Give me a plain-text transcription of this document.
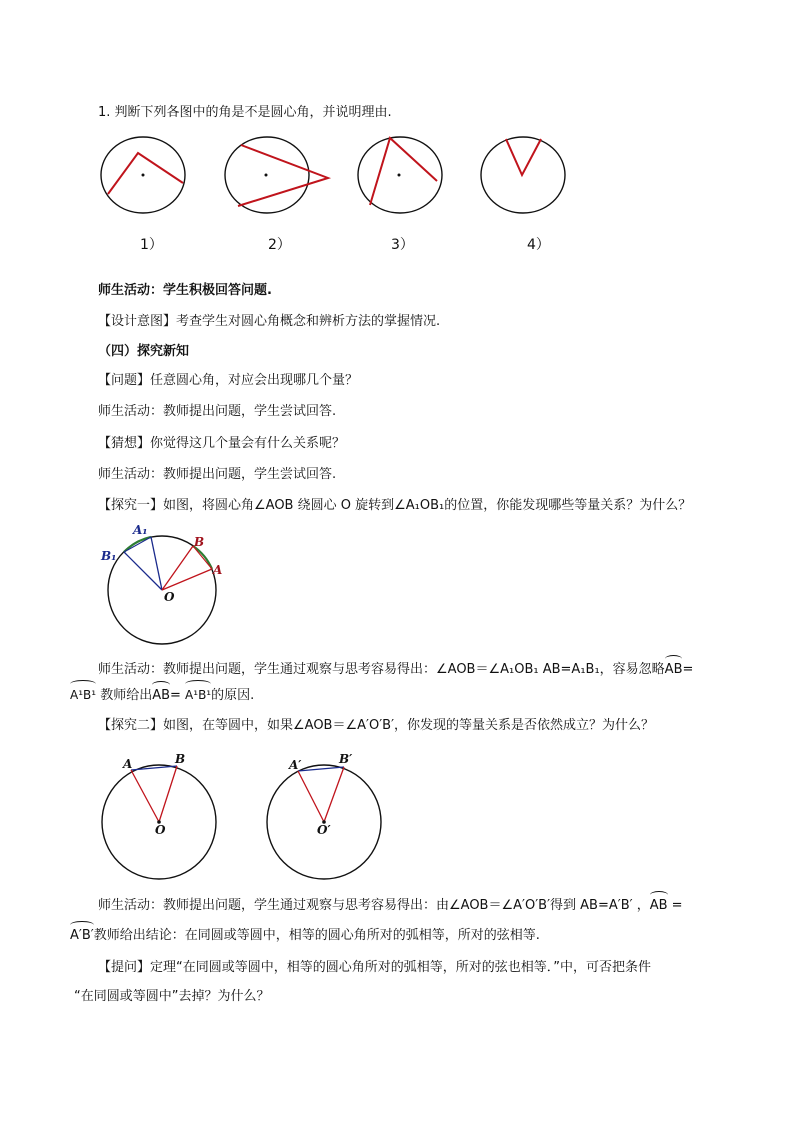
1. 判断下列各图中的角是不是圆心角，并说明理由.
1）	2）	3）	4）
师生活动：学生积极回答问题.
【设计意图】考查学生对圆心角概念和辨析方法的掌握情况.
（四）探究新知
【问题】任意圆心角，对应会出现哪几个量？
师生活动：教师提出问题，学生尝试回答.
【猜想】你觉得这几个量会有什么关系呢？
师生活动：教师提出问题，学生尝试回答.
【探究一】如图，将圆心角∠AOB 绕圆心 O 旋转到∠A₁OB₁的位置，你能发现哪些等量关系？为什么？
A₁
B₁
B
A
O
师生活动：教师提出问题，学生通过观察与思考容易得出：∠AOB＝∠A₁OB₁ AB=A₁B₁，容易忽略AB=
A¹B¹ 教师给出AB= A¹B¹的原因.
【探究二】如图，在等圆中，如果∠AOB＝∠A′O′B′，你发现的等量关系是否依然成立？为什么？
A	B
O
A′	B′
O′
师生活动：教师提出问题，学生通过观察与思考容易得出：由∠AOB＝∠A′O′B′得到 AB=A′B′ ，AB =
A′B′教师给出结论：在同圆或等圆中，相等的圆心角所对的弧相等，所对的弦相等.
【提问】定理“在同圆或等圆中，相等的圆心角所对的弧相等，所对的弦也相等．”中，可否把条件
“在同圆或等圆中”去掉？为什么？
